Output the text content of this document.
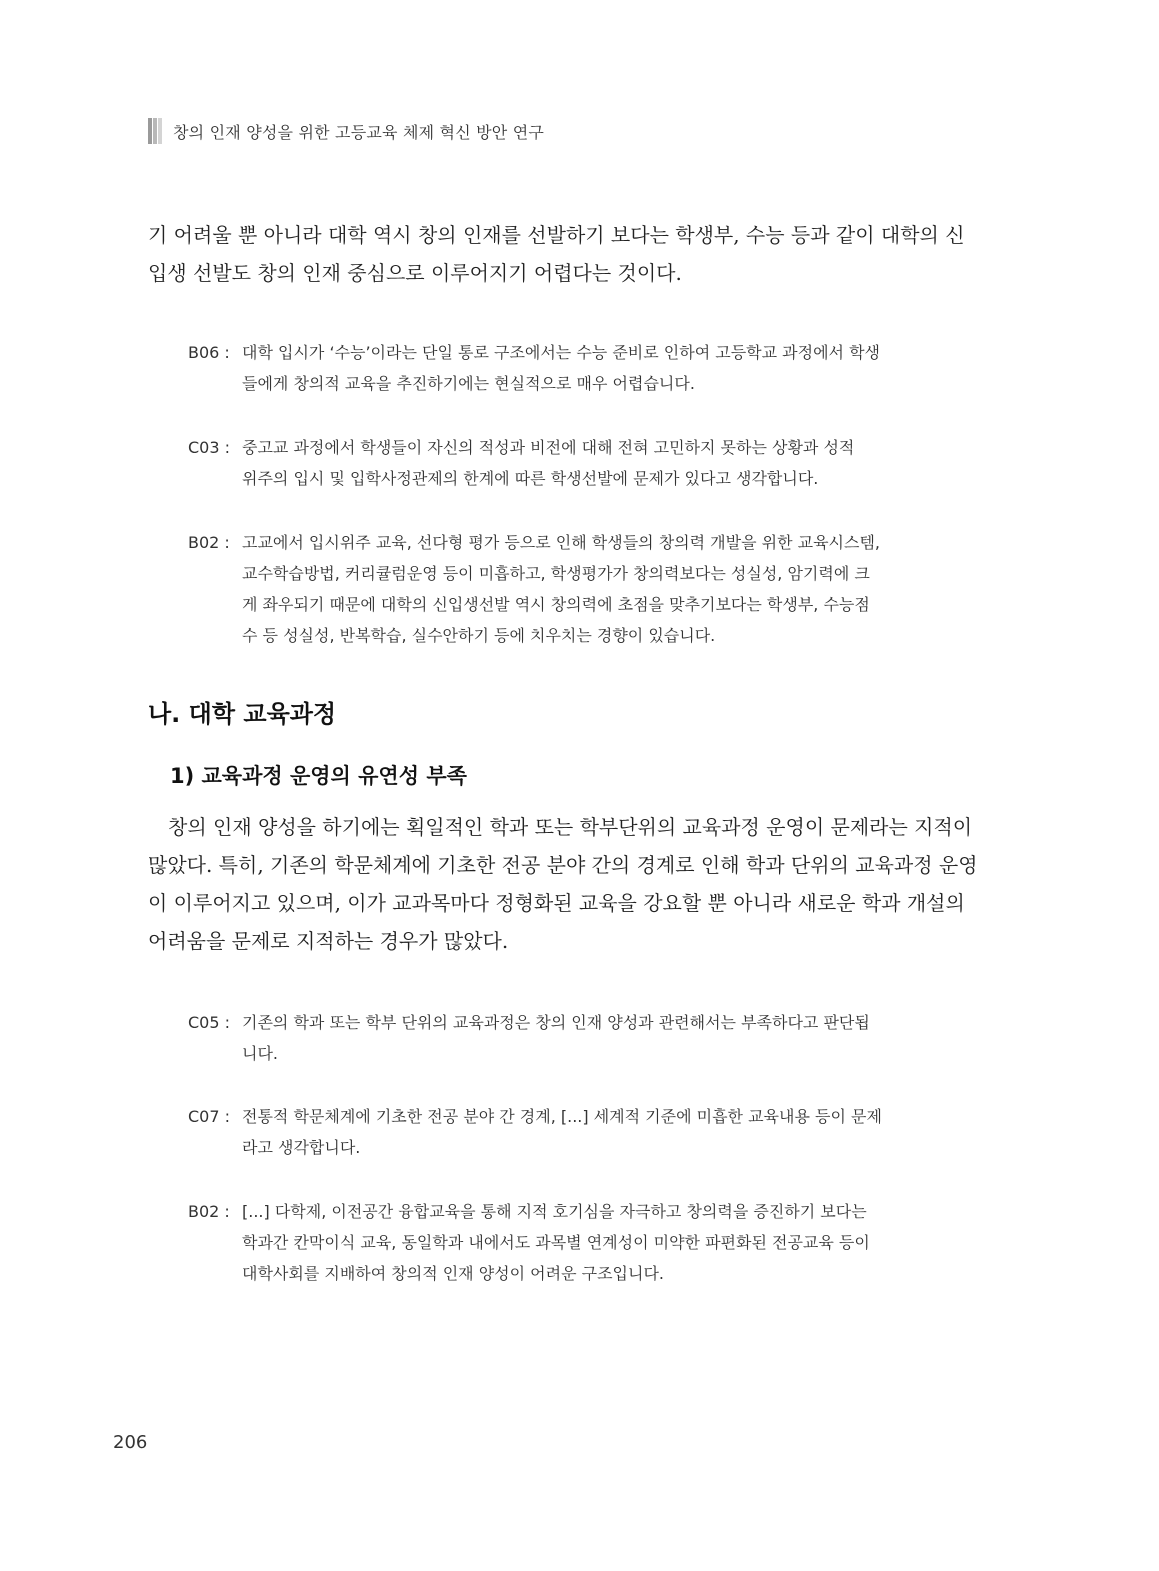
창의 인재 양성을 위한 고등교육 체제 혁신 방안 연구
기 어려울 뿐 아니라 대학 역시 창의 인재를 선발하기 보다는 학생부, 수능 등과 같이 대학의 신
입생 선발도 창의 인재 중심으로 이루어지기 어렵다는 것이다.
B06 : 대학 입시가 ‘수능’이라는 단일 통로 구조에서는 수능 준비로 인하여 고등학교 과정에서 학생
들에게 창의적 교육을 추진하기에는 현실적으로 매우 어렵습니다.
C03 : 중고교 과정에서 학생들이 자신의 적성과 비전에 대해 전혀 고민하지 못하는 상황과 성적
위주의 입시 및 입학사정관제의 한계에 따른 학생선발에 문제가 있다고 생각합니다.
B02 : 고교에서 입시위주 교육, 선다형 평가 등으로 인해 학생들의 창의력 개발을 위한 교육시스템,
교수학습방법, 커리큘럼운영 등이 미흡하고, 학생평가가 창의력보다는 성실성, 암기력에 크
게 좌우되기 때문에 대학의 신입생선발 역시 창의력에 초점을 맞추기보다는 학생부, 수능점
수 등 성실성, 반복학습, 실수안하기 등에 치우치는 경향이 있습니다.
나. 대학 교육과정
1) 교육과정 운영의 유연성 부족
창의 인재 양성을 하기에는 획일적인 학과 또는 학부단위의 교육과정 운영이 문제라는 지적이
많았다. 특히, 기존의 학문체계에 기초한 전공 분야 간의 경계로 인해 학과 단위의 교육과정 운영
이 이루어지고 있으며, 이가 교과목마다 정형화된 교육을 강요할 뿐 아니라 새로운 학과 개설의
어려움을 문제로 지적하는 경우가 많았다.
C05 : 기존의 학과 또는 학부 단위의 교육과정은 창의 인재 양성과 관련해서는 부족하다고 판단됩
니다.
C07 : 전통적 학문체계에 기초한 전공 분야 간 경계, [...] 세계적 기준에 미흡한 교육내용 등이 문제
라고 생각합니다.
B02 : [...] 다학제, 이전공간 융합교육을 통해 지적 호기심을 자극하고 창의력을 증진하기 보다는
학과간 칸막이식 교육, 동일학과 내에서도 과목별 연계성이 미약한 파편화된 전공교육 등이
대학사회를 지배하여 창의적 인재 양성이 어려운 구조입니다.
206
